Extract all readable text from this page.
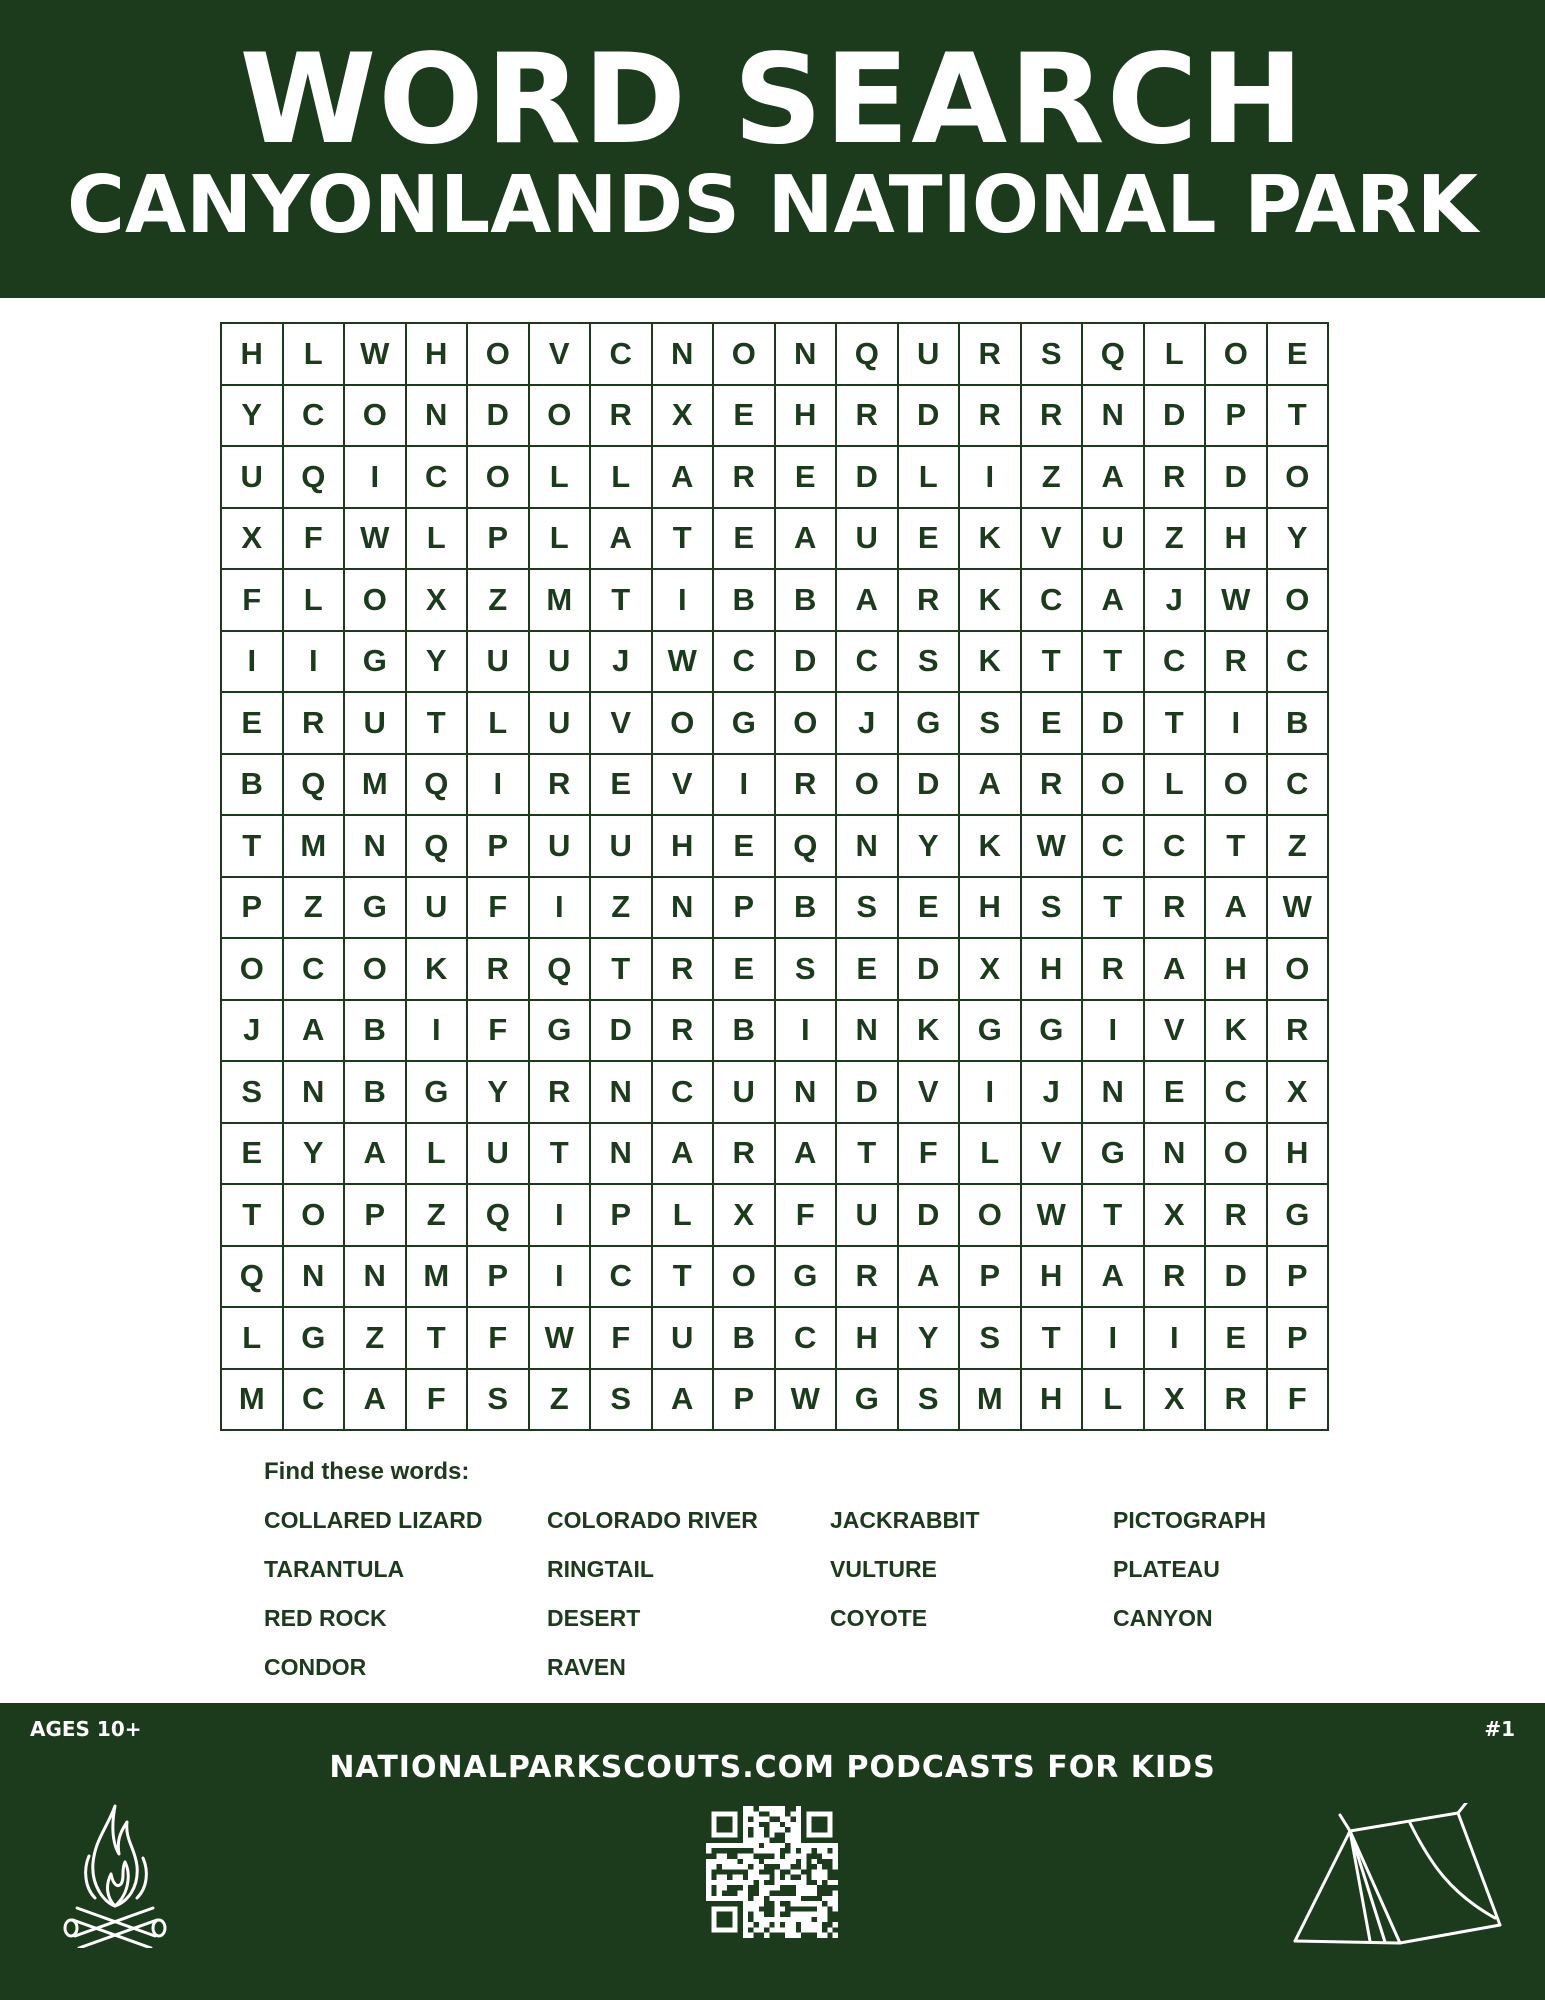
WORD SEARCH
CANYONLANDS NATIONAL PARK
H	L	W	H	O	V	C	N	O	N	Q	U	R	S	Q	L	O	E
Y	C	O	N	D	O	R	X	E	H	R	D	R	R	N	D	P	T
U	Q	I	C	O	L	L	A	R	E	D	L	I	Z	A	R	D	O
X	F	W	L	P	L	A	T	E	A	U	E	K	V	U	Z	H	Y
F	L	O	X	Z	M	T	I	B	B	A	R	K	C	A	J	W	O
I	I	G	Y	U	U	J	W	C	D	C	S	K	T	T	C	R	C
E	R	U	T	L	U	V	O	G	O	J	G	S	E	D	T	I	B
B	Q	M	Q	I	R	E	V	I	R	O	D	A	R	O	L	O	C
T	M	N	Q	P	U	U	H	E	Q	N	Y	K	W	C	C	T	Z
P	Z	G	U	F	I	Z	N	P	B	S	E	H	S	T	R	A	W
O	C	O	K	R	Q	T	R	E	S	E	D	X	H	R	A	H	O
J	A	B	I	F	G	D	R	B	I	N	K	G	G	I	V	K	R
S	N	B	G	Y	R	N	C	U	N	D	V	I	J	N	E	C	X
E	Y	A	L	U	T	N	A	R	A	T	F	L	V	G	N	O	H
T	O	P	Z	Q	I	P	L	X	F	U	D	O	W	T	X	R	G
Q	N	N	M	P	I	C	T	O	G	R	A	P	H	A	R	D	P
L	G	Z	T	F	W	F	U	B	C	H	Y	S	T	I	I	E	P
M	C	A	F	S	Z	S	A	P	W	G	S	M	H	L	X	R	F
Find these words:
COLLARED LIZARD	COLORADO RIVER	JACKRABBIT	PICTOGRAPH
TARANTULA	RINGTAIL	VULTURE	PLATEAU
RED ROCK	DESERT	COYOTE	CANYON
CONDOR	RAVEN
AGES 10+	#1
NATIONALPARKSCOUTS.COM PODCASTS FOR KIDS
